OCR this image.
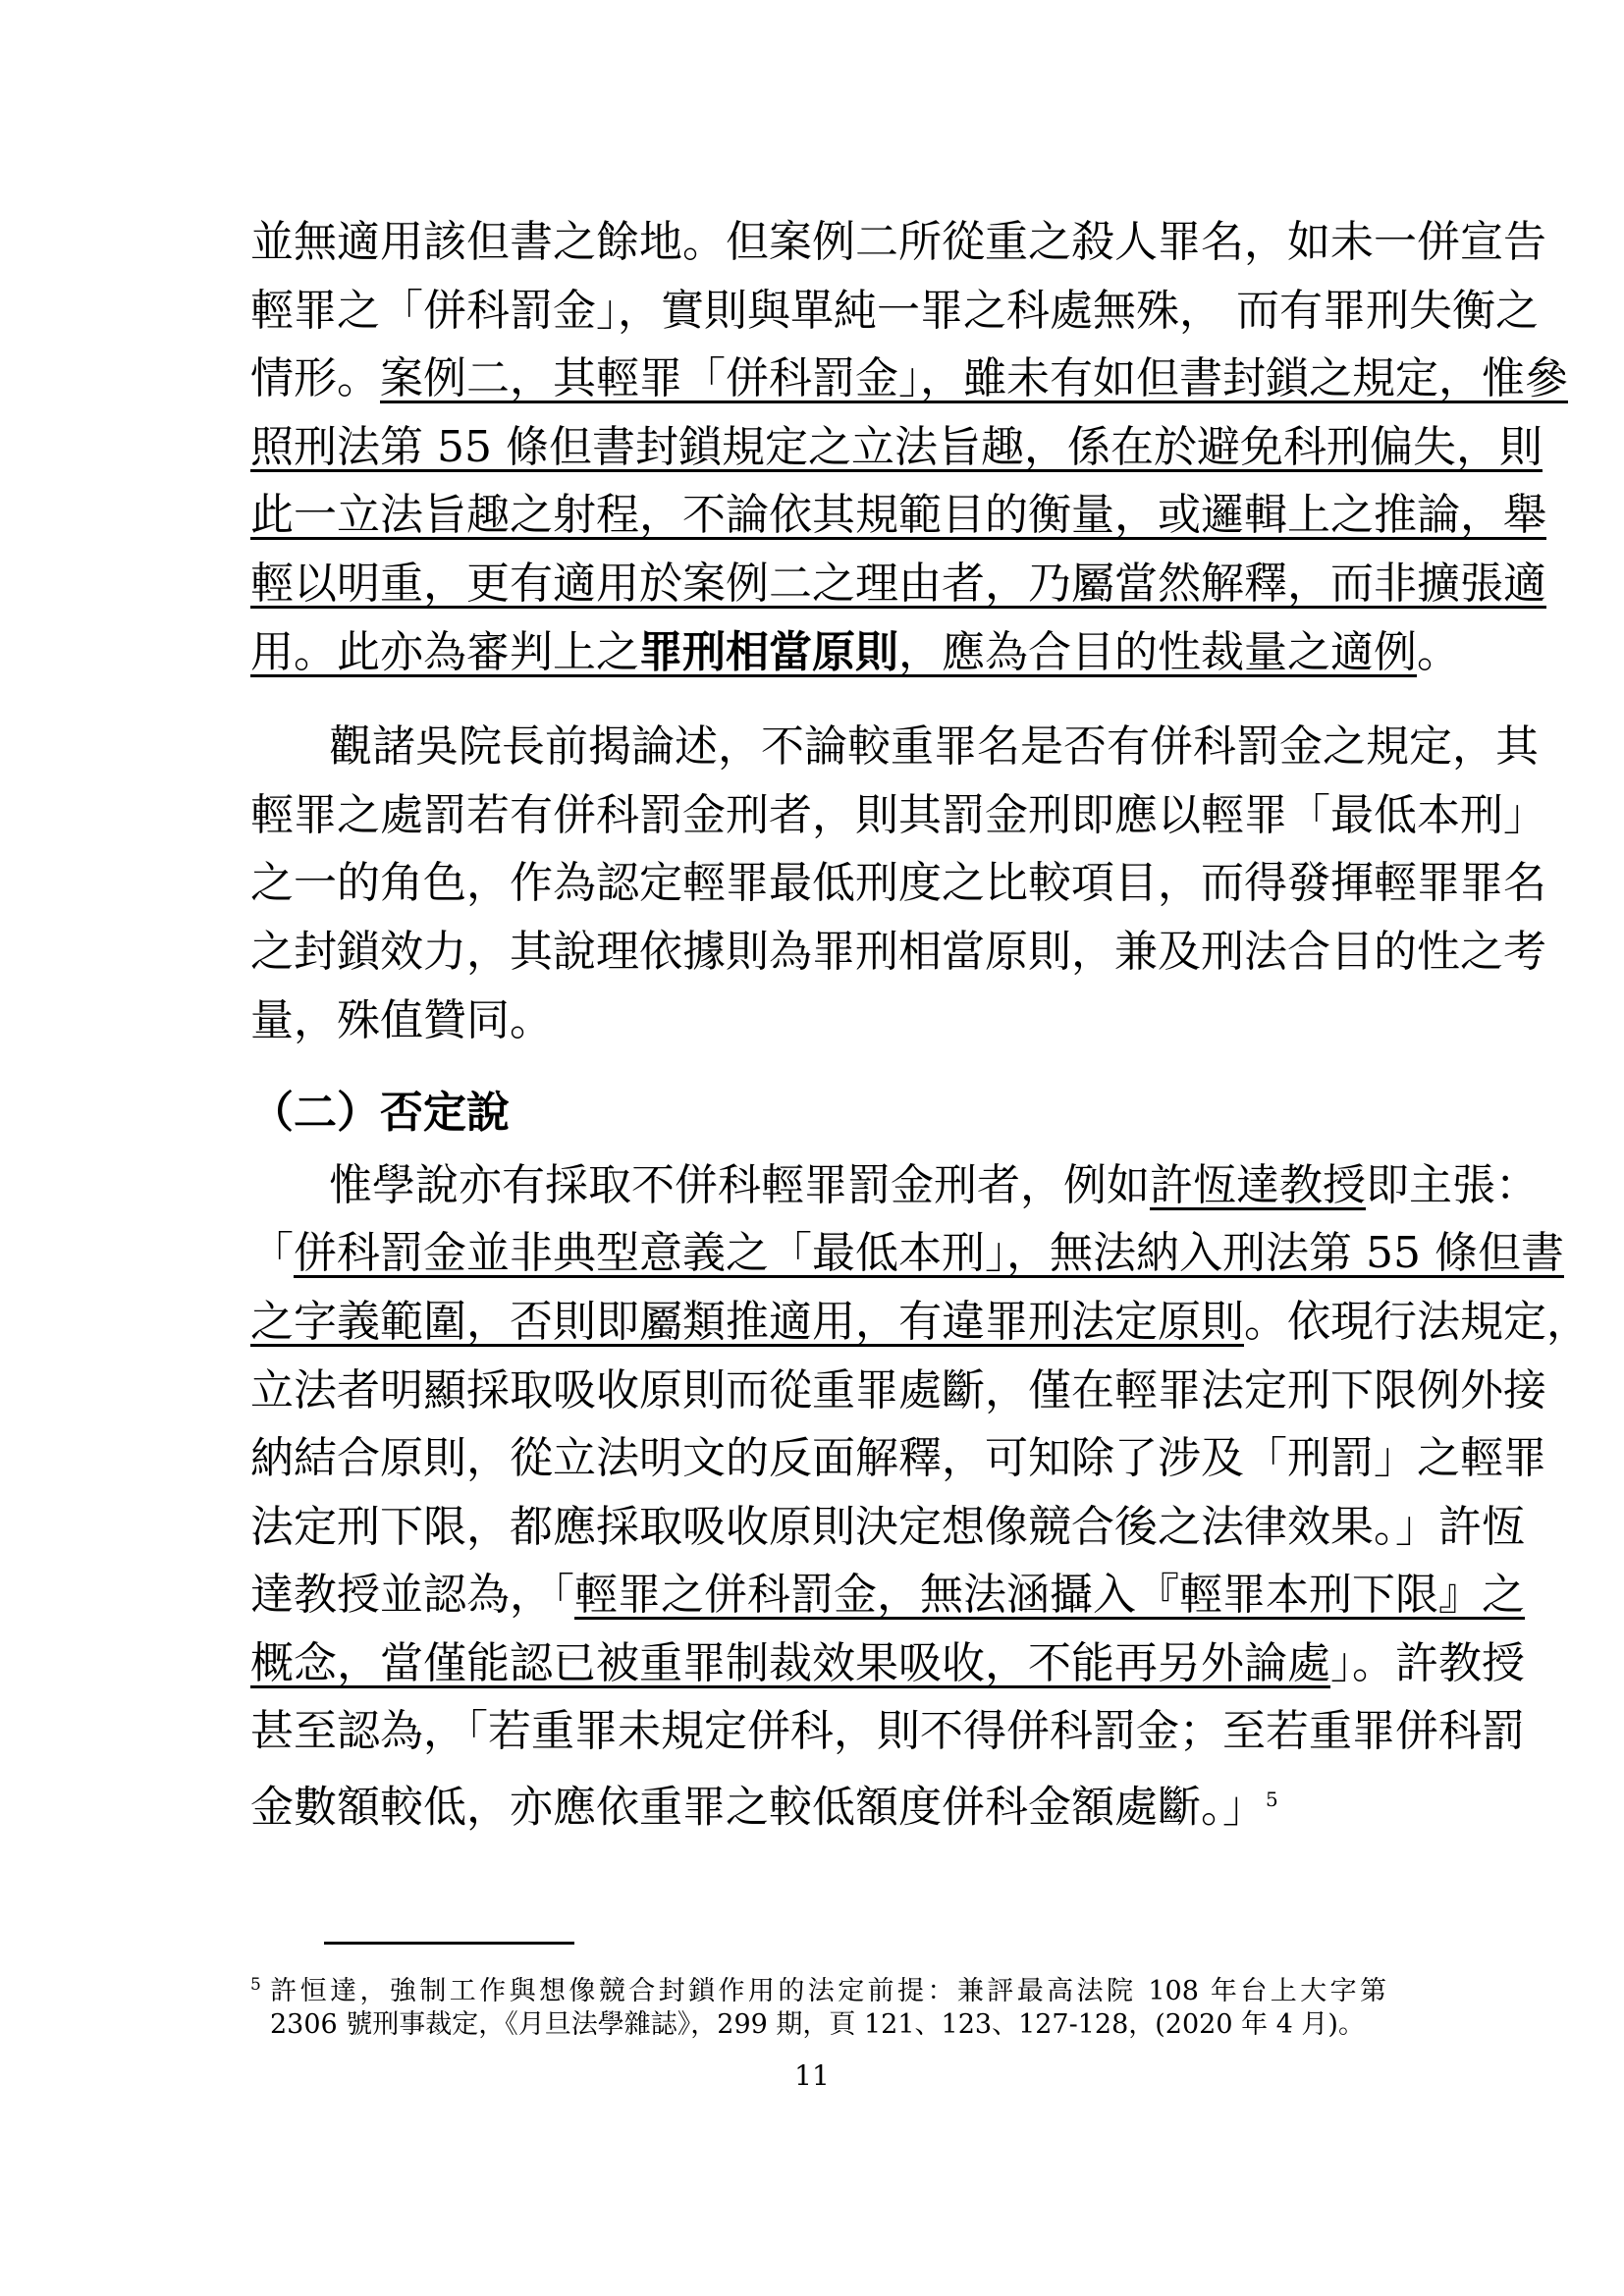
並無適用該但書之餘地。但案例二所從重之殺人罪名，如未一併宣告
輕罪之「併科罰金」，實則與單純一罪之科處無殊， 而有罪刑失衡之
情形。案例二，其輕罪「併科罰金」，雖未有如但書封鎖之規定，惟參
照刑法第 55 條但書封鎖規定之立法旨趣，係在於避免科刑偏失，則
此一立法旨趣之射程，不論依其規範目的衡量，或邏輯上之推論，舉
輕以明重，更有適用於案例二之理由者，乃屬當然解釋，而非擴張適
用。此亦為審判上之罪刑相當原則，應為合目的性裁量之適例。
觀諸吳院長前揭論述，不論較重罪名是否有併科罰金之規定，其
輕罪之處罰若有併科罰金刑者，則其罰金刑即應以輕罪「最低本刑」
之一的角色，作為認定輕罪最低刑度之比較項目，而得發揮輕罪罪名
之封鎖效力，其說理依據則為罪刑相當原則，兼及刑法合目的性之考
量，殊值贊同。
（二）否定說
惟學說亦有採取不併科輕罪罰金刑者，例如許恆達教授即主張：
「併科罰金並非典型意義之「最低本刑」，無法納入刑法第 55 條但書
之字義範圍，否則即屬類推適用，有違罪刑法定原則。依現行法規定，
立法者明顯採取吸收原則而從重罪處斷，僅在輕罪法定刑下限例外接
納結合原則，從立法明文的反面解釋，可知除了涉及「刑罰」之輕罪
法定刑下限，都應採取吸收原則決定想像競合後之法律效果。」許恆
達教授並認為，「輕罪之併科罰金，無法涵攝入『輕罪本刑下限』之
概念，當僅能認已被重罪制裁效果吸收，不能再另外論處」。許教授
甚至認為，「若重罪未規定併科，則不得併科罰金；至若重罪併科罰
金數額較低，亦應依重罪之較低額度併科金額處斷。」$^5$
$^5$ 許恒達，強制工作與想像競合封鎖作用的法定前提：兼評最高法院 108 年台上大字第
2306 號刑事裁定，《月旦法學雜誌》，299 期，頁 121、123、127-128，(2020 年 4 月)。
11
